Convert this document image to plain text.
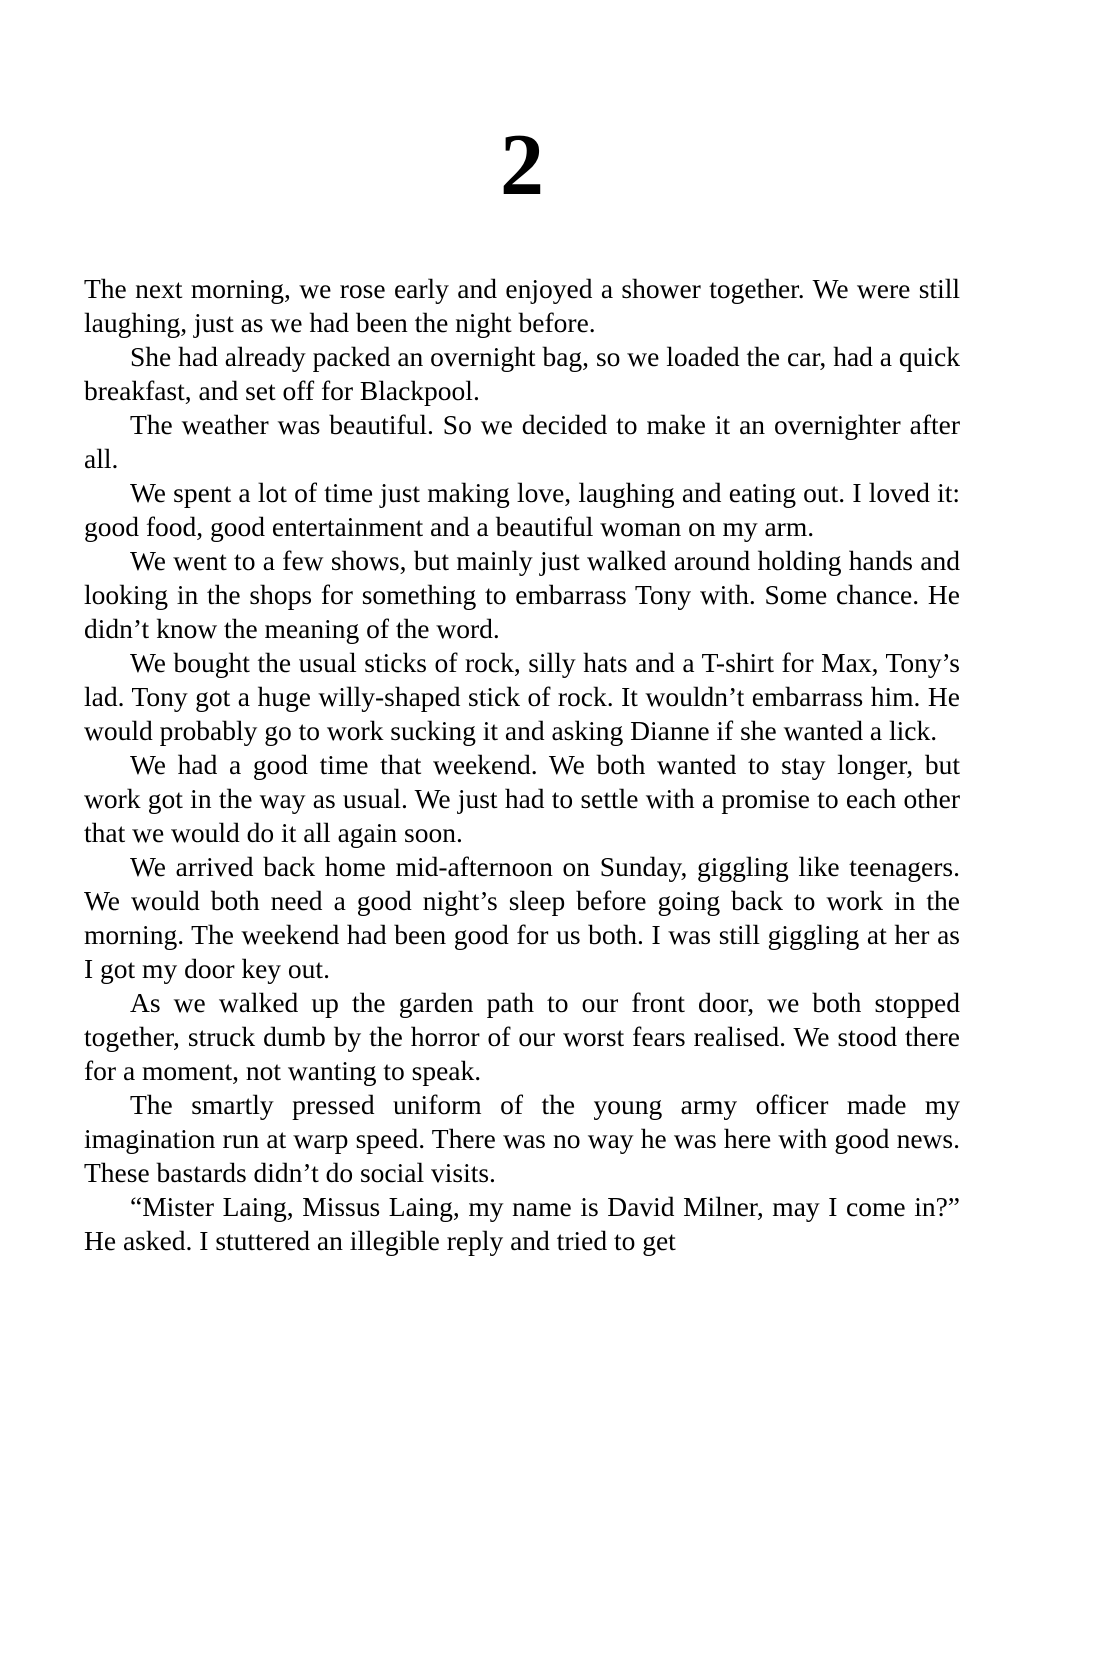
2

The next morning, we rose early and enjoyed a shower together. We were still laughing, just as we had been the night before.

She had already packed an overnight bag, so we loaded the car, had a quick breakfast, and set off for Blackpool.

The weather was beautiful. So we decided to make it an overnighter after all.

We spent a lot of time just making love, laughing and eating out. I loved it: good food, good entertainment and a beautiful woman on my arm.

We went to a few shows, but mainly just walked around holding hands and looking in the shops for something to embarrass Tony with. Some chance. He didn’t know the meaning of the word.

We bought the usual sticks of rock, silly hats and a T-shirt for Max, Tony’s lad. Tony got a huge willy-shaped stick of rock. It wouldn’t embarrass him. He would probably go to work sucking it and asking Dianne if she wanted a lick.

We had a good time that weekend. We both wanted to stay longer, but work got in the way as usual. We just had to settle with a promise to each other that we would do it all again soon.

We arrived back home mid-afternoon on Sunday, giggling like teenagers. We would both need a good night’s sleep before going back to work in the morning. The weekend had been good for us both. I was still giggling at her as I got my door key out.

As we walked up the garden path to our front door, we both stopped together, struck dumb by the horror of our worst fears realised. We stood there for a moment, not wanting to speak.

The smartly pressed uniform of the young army officer made my imagination run at warp speed. There was no way he was here with good news. These bastards didn’t do social visits.

“Mister Laing, Missus Laing, my name is David Milner, may I come in?” He asked. I stuttered an illegible reply and tried to get
